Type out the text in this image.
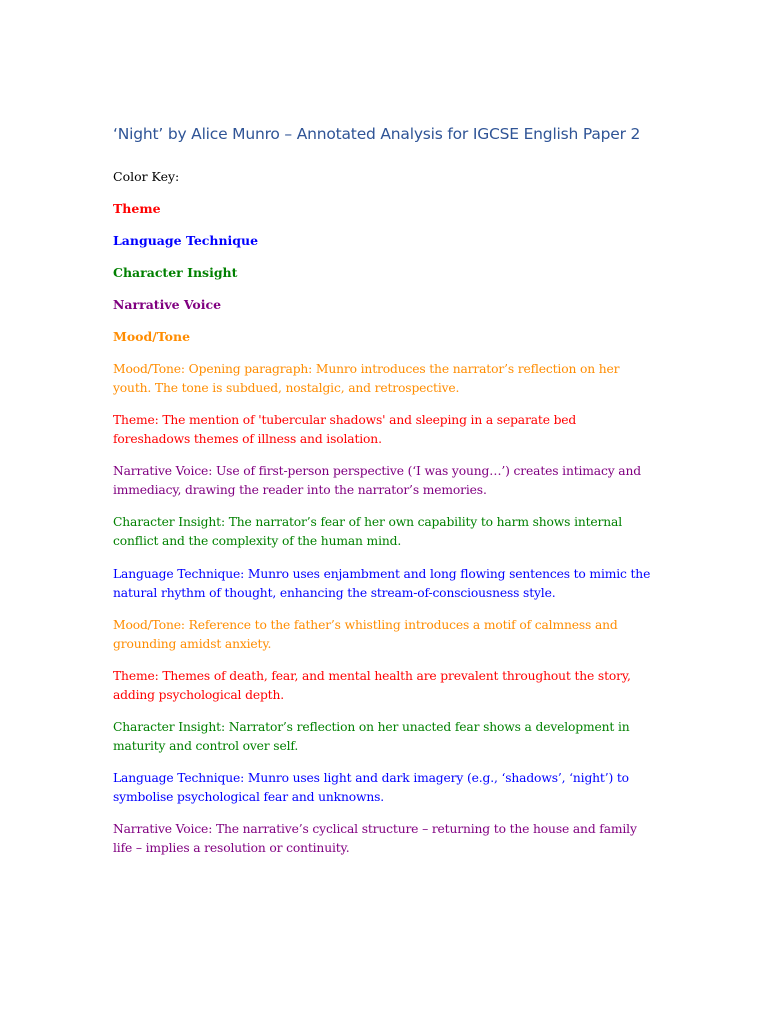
‘Night’ by Alice Munro – Annotated Analysis for IGCSE English Paper 2

Color Key:

Theme
Language Technique
Character Insight
Narrative Voice
Mood/Tone

Mood/Tone: Opening paragraph: Munro introduces the narrator’s reflection on her youth. The tone is subdued, nostalgic, and retrospective.

Theme: The mention of 'tubercular shadows' and sleeping in a separate bed foreshadows themes of illness and isolation.

Narrative Voice: Use of first-person perspective (‘I was young…’) creates intimacy and immediacy, drawing the reader into the narrator’s memories.

Character Insight: The narrator’s fear of her own capability to harm shows internal conflict and the complexity of the human mind.

Language Technique: Munro uses enjambment and long flowing sentences to mimic the natural rhythm of thought, enhancing the stream-of-consciousness style.

Mood/Tone: Reference to the father’s whistling introduces a motif of calmness and grounding amidst anxiety.

Theme: Themes of death, fear, and mental health are prevalent throughout the story, adding psychological depth.

Character Insight: Narrator’s reflection on her unacted fear shows a development in maturity and control over self.

Language Technique: Munro uses light and dark imagery (e.g., ‘shadows’, ‘night’) to symbolise psychological fear and unknowns.

Narrative Voice: The narrative’s cyclical structure – returning to the house and family life – implies a resolution or continuity.
